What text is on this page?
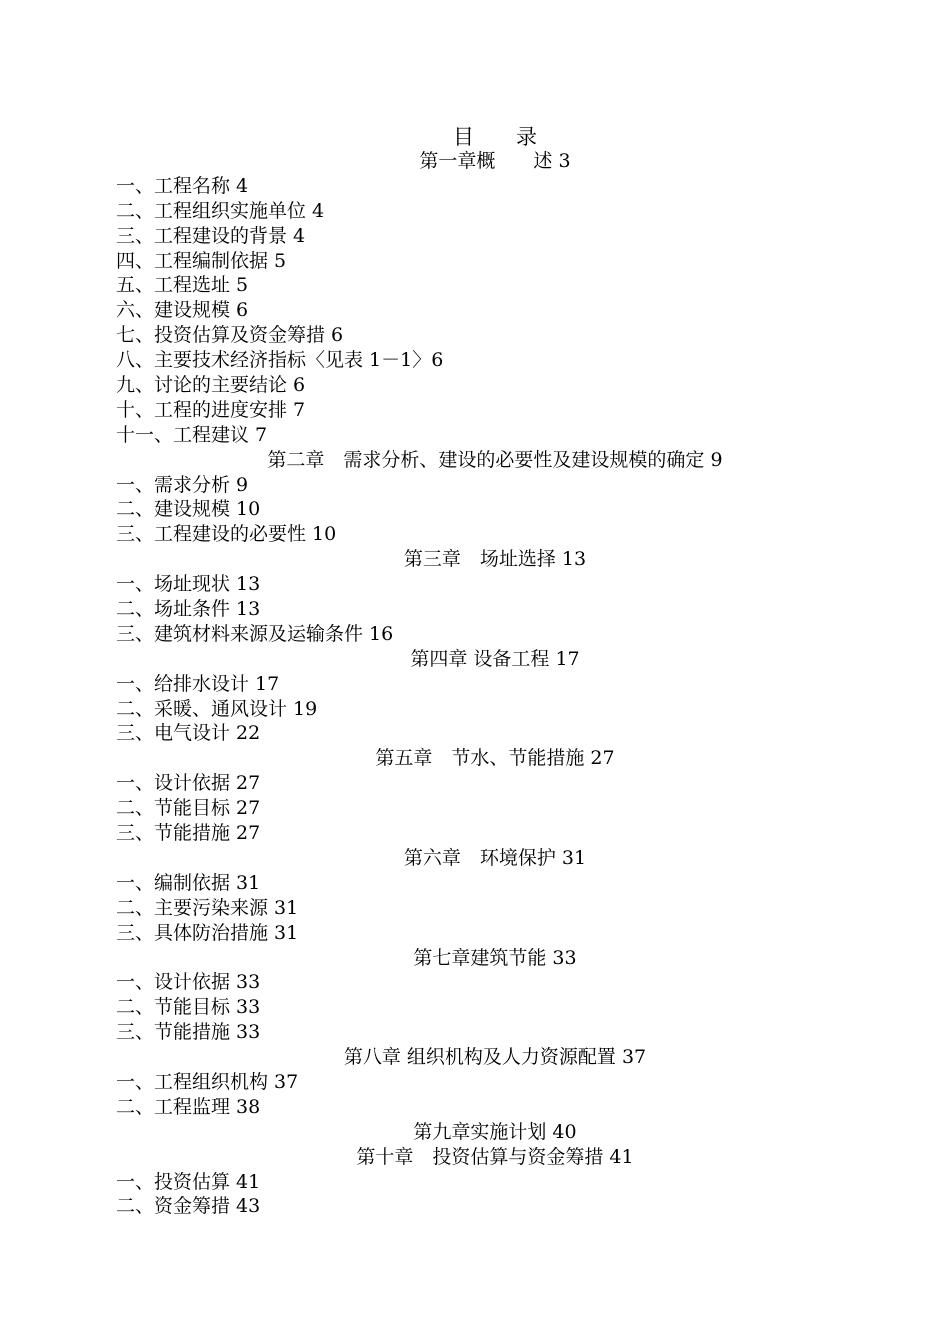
目　　录
第一章概　　述 3
一、工程名称 4
二、工程组织实施单位 4
三、工程建设的背景 4
四、工程编制依据 5
五、工程选址 5
六、建设规模 6
七、投资估算及资金筹措 6
八、主要技术经济指标〈见表 1－1〉6
九、讨论的主要结论 6
十、工程的进度安排 7
十一、工程建议 7
第二章　需求分析、建设的必要性及建设规模的确定 9
一、需求分析 9
二、建设规模 10
三、工程建设的必要性 10
第三章　场址选择 13
一、场址现状 13
二、场址条件 13
三、建筑材料来源及运输条件 16
第四章 设备工程 17
一、给排水设计 17
二、采暖、通风设计 19
三、电气设计 22
第五章　节水、节能措施 27
一、设计依据 27
二、节能目标 27
三、节能措施 27
第六章　环境保护 31
一、编制依据 31
二、主要污染来源 31
三、具体防治措施 31
第七章建筑节能 33
一、设计依据 33
二、节能目标 33
三、节能措施 33
第八章 组织机构及人力资源配置 37
一、工程组织机构 37
二、工程监理 38
第九章实施计划 40
第十章　投资估算与资金筹措 41
一、投资估算 41
二、资金筹措 43
